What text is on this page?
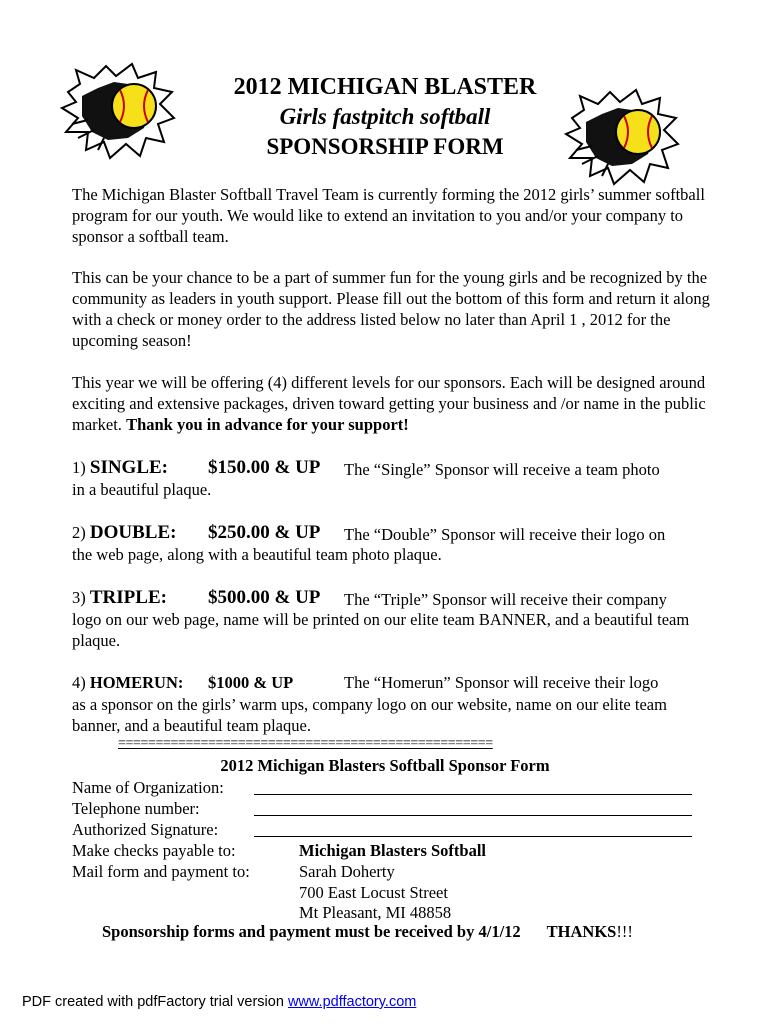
2012 MICHIGAN BLASTER
Girls fastpitch softball
SPONSORSHIP FORM
The Michigan Blaster Softball Travel Team is currently forming the 2012 girls’ summer softball program for our youth. We would like to extend an invitation to you and/or your company to sponsor a softball team.
This can be your chance to be a part of summer fun for the young girls and be recognized by the community as leaders in youth support. Please fill out the bottom of this form and return it along with a check or money order to the address listed below no later than April 1 , 2012 for the upcoming season!
This year we will be offering (4) different levels for our sponsors. Each will be designed around exciting and extensive packages, driven toward getting your business and /or name in the public market. Thank you in advance for your support!
1) SINGLE: $150.00 & UP The “Single” Sponsor will receive a team photo
in a beautiful plaque.
2) DOUBLE: $250.00 & UP The “Double” Sponsor will receive their logo on
the web page, along with a beautiful team photo plaque.
3) TRIPLE: $500.00 & UP The “Triple” Sponsor will receive their company
logo on our web page, name will be printed on our elite team BANNER, and a beautiful team plaque.
4) HOMERUN: $1000 & UP	The “Homerun” Sponsor will receive their logo
as a sponsor on the girls’ warm ups, company logo on our website, name on our elite team banner, and a beautiful team plaque.
==================================================
2012 Michigan Blasters Softball Sponsor Form
Name of Organization:
Telephone number:
Authorized Signature:
Make checks payable to:	Michigan Blasters Softball
Mail form and payment to:	Sarah Doherty
700 East Locust Street
Mt Pleasant, MI 48858
Sponsorship forms and payment must be received by 4/1/12 THANKS!!!
PDF created with pdfFactory trial version www.pdffactory.com
